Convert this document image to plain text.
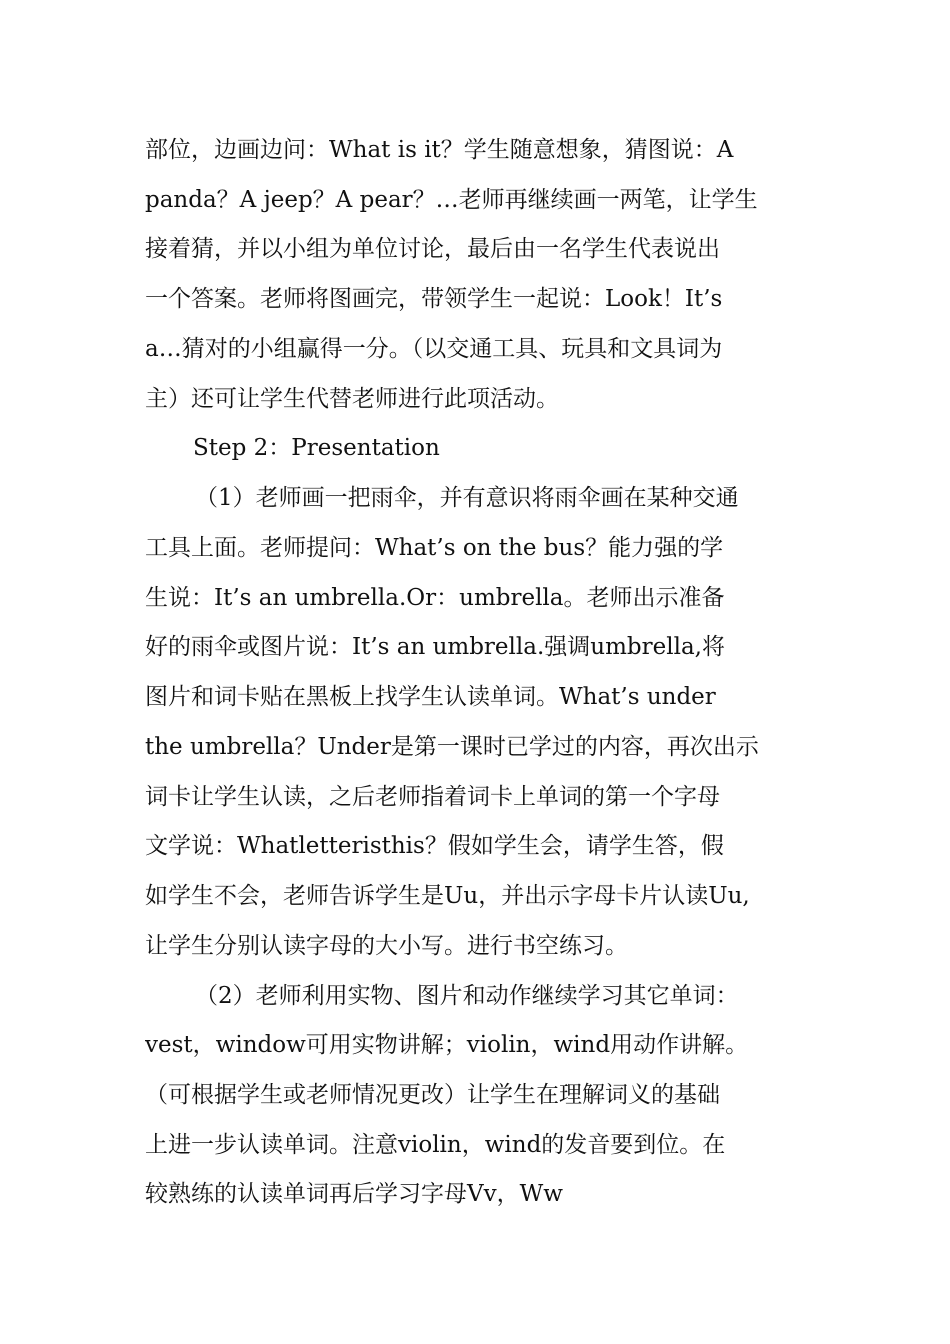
部位，边画边问：What is it？学生随意想象，猜图说：A
panda？A jeep？A pear？…老师再继续画一两笔，让学生
接着猜，并以小组为单位讨论，最后由一名学生代表说出
一个答案。老师将图画完，带领学生一起说：Look！It’s
a…猜对的小组赢得一分。（以交通工具、玩具和文具词为
主）还可让学生代替老师进行此项活动。
Step 2：Presentation
（1）老师画一把雨伞，并有意识将雨伞画在某种交通
工具上面。老师提问：What’s on the bus？能力强的学
生说：It’s an umbrella.Or：umbrella。老师出示准备
好的雨伞或图片说：It’s an umbrella.强调umbrella,将
图片和词卡贴在黑板上找学生认读单词。What’s under
the umbrella？Under是第一课时已学过的内容，再次出示
词卡让学生认读，之后老师指着词卡上单词的第一个字母
文学说：Whatletteristhis？假如学生会，请学生答，假
如学生不会，老师告诉学生是Uu，并出示字母卡片认读Uu,
让学生分别认读字母的大小写。进行书空练习。
（2）老师利用实物、图片和动作继续学习其它单词：
vest，window可用实物讲解；violin，wind用动作讲解。
（可根据学生或老师情况更改）让学生在理解词义的基础
上进一步认读单词。注意violin，wind的发音要到位。在
较熟练的认读单词再后学习字母Vv，Ww
